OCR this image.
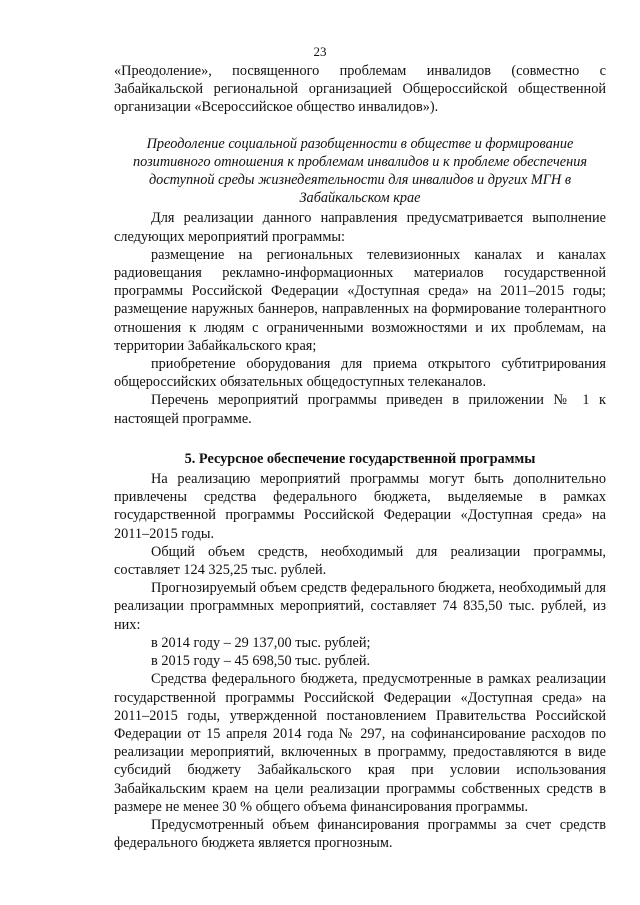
23

«Преодоление», посвященного проблемам инвалидов (совместно с Забайкальской региональной организацией Общероссийской общественной организации «Всероссийское общество инвалидов»).

Преодоление социальной разобщенности в обществе и формирование позитивного отношения к проблемам инвалидов и к проблеме обеспечения доступной среды жизнедеятельности для инвалидов и других МГН в Забайкальском крае

Для реализации данного направления предусматривается выполнение следующих мероприятий программы:

размещение на региональных телевизионных каналах и каналах радиовещания рекламно-информационных материалов государственной программы Российской Федерации «Доступная среда» на 2011–2015 годы; размещение наружных баннеров, направленных на формирование толерантного отношения к людям с ограниченными возможностями и их проблемам, на территории Забайкальского края;

приобретение оборудования для приема открытого субтитрирования общероссийских обязательных общедоступных телеканалов.

Перечень мероприятий программы приведен в приложении № 1 к настоящей программе.

5. Ресурсное обеспечение государственной программы

На реализацию мероприятий программы могут быть дополнительно привлечены средства федерального бюджета, выделяемые в рамках государственной программы Российской Федерации «Доступная среда» на 2011–2015 годы.

Общий объем средств, необходимый для реализации программы, составляет 124 325,25 тыс. рублей.

Прогнозируемый объем средств федерального бюджета, необходимый для реализации программных мероприятий, составляет 74 835,50 тыс. рублей, из них:

в 2014 году – 29 137,00 тыс. рублей;

в 2015 году – 45 698,50 тыс. рублей.

Средства федерального бюджета, предусмотренные в рамках реализации государственной программы Российской Федерации «Доступная среда» на 2011–2015 годы, утвержденной постановлением Правительства Российской Федерации от 15 апреля 2014 года № 297, на софинансирование расходов по реализации мероприятий, включенных в программу, предоставляются в виде субсидий бюджету Забайкальского края при условии использования Забайкальским краем на цели реализации программы собственных средств в размере не менее 30 % общего объема финансирования программы.

Предусмотренный объем финансирования программы за счет средств федерального бюджета является прогнозным.
